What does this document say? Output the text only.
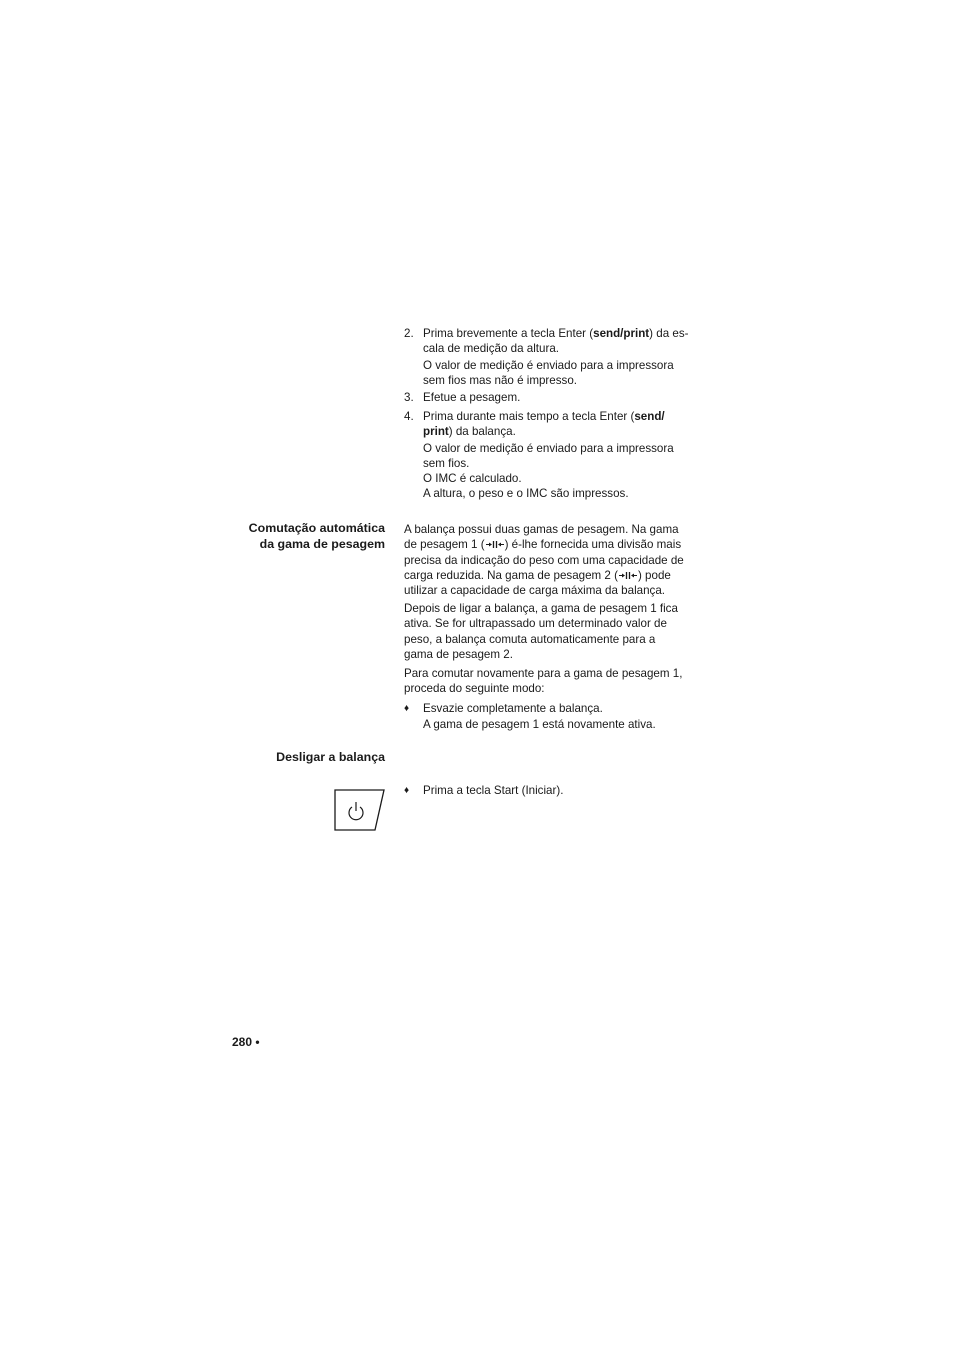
2. Prima brevemente a tecla Enter (send/print) da es-

cala de medição da altura.

O valor de medição é enviado para a impressora

sem fios mas não é impresso.

3. Efetue a pesagem.

4. Prima durante mais tempo a tecla Enter (send/

print) da balança.

O valor de medição é enviado para a impressora

sem fios.

O IMC é calculado.

A altura, o peso e o IMC são impressos.

Comutação automática
da gama de pesagem
A balança possui duas gamas de pesagem. Na gama
de pesagem 1 ( ) é-lhe fornecida uma divisão mais
precisa da indicação do peso com uma capacidade de
carga reduzida. Na gama de pesagem 2 ( ) pode
utilizar a capacidade de carga máxima da balança.
Depois de ligar a balança, a gama de pesagem 1 fica
ativa. Se for ultrapassado um determinado valor de
peso, a balança comuta automaticamente para a
gama de pesagem 2.
Para comutar novamente para a gama de pesagem 1,
proceda do seguinte modo:
♦ Esvazie completamente a balança.

A gama de pesagem 1 está novamente ativa.

Desligar a balança
♦ Prima a tecla Start (Iniciar).

280 •
